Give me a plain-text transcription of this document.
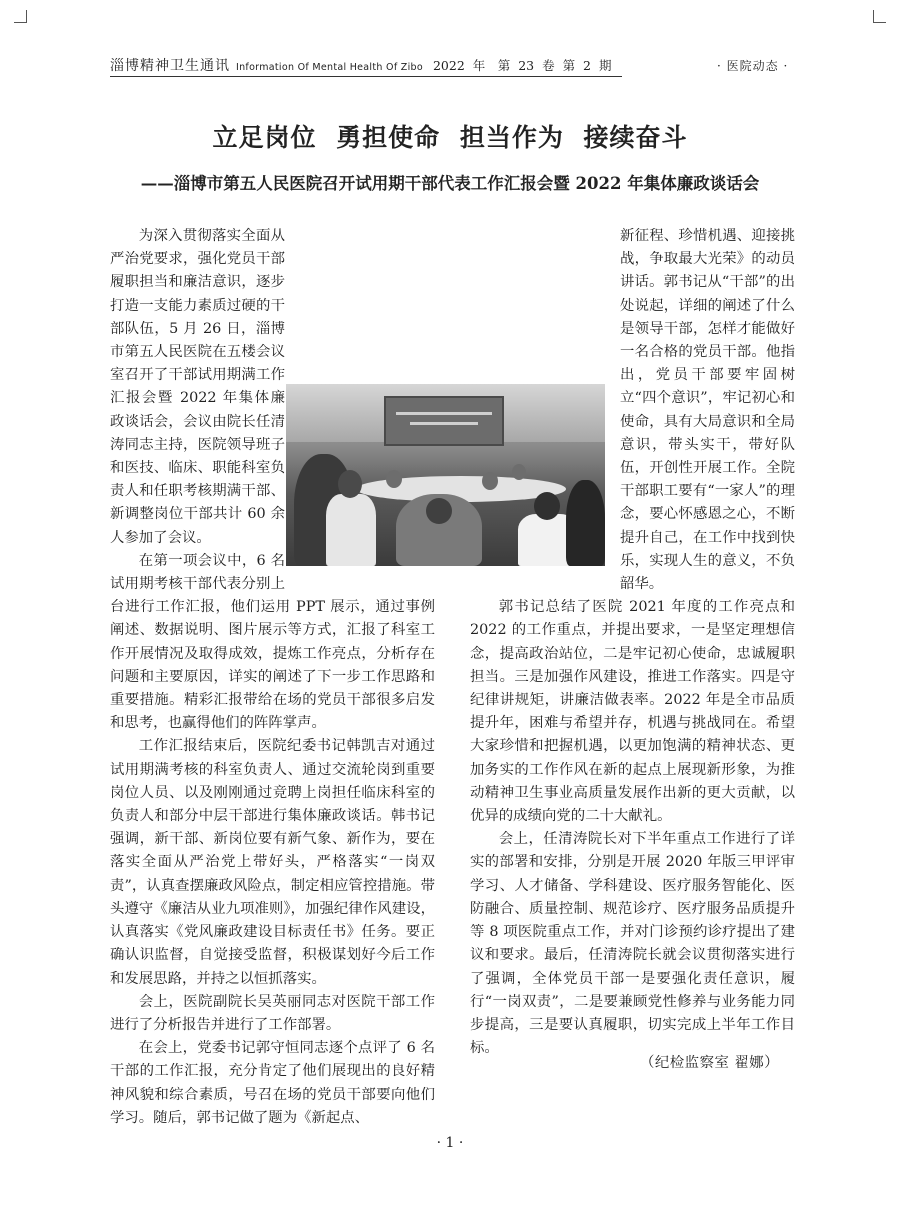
淄博精神卫生通讯 Information Of Mental Health Of Zibo 2022 年　第 23 卷 第 2 期	· 医院动态 ·
立足岗位 勇担使命 担当作为 接续奋斗
——淄博市第五人民医院召开试用期干部代表工作汇报会暨 2022 年集体廉政谈话会

为深入贯彻落实全面从严治党要求，强化党员干部履职担当和廉洁意识，逐步打造一支能力素质过硬的干部队伍，5 月 26 日，淄博市第五人民医院在五楼会议室召开了干部试用期满工作汇报会暨 2022 年集体廉政谈话会，会议由院长任清涛同志主持，医院领导班子和医技、临床、职能科室负责人和任职考核期满干部、新调整岗位干部共计 60 余人参加了会议。

在第一项会议中，6 名试用期考核干部代表分别上台进行工作汇报，他们运用 PPT 展示，通过事例阐述、数据说明、图片展示等方式，汇报了科室工作开展情况及取得成效，提炼工作亮点，分析存在问题和主要原因，详实的阐述了下一步工作思路和重要措施。精彩汇报带给在场的党员干部很多启发和思考，也赢得他们的阵阵掌声。

工作汇报结束后，医院纪委书记韩凯吉对通过试用期满考核的科室负责人、通过交流轮岗到重要岗位人员、以及刚刚通过竞聘上岗担任临床科室的负责人和部分中层干部进行集体廉政谈话。韩书记强调，新干部、新岗位要有新气象、新作为，要在落实全面从严治党上带好头，严格落实“一岗双责”，认真查摆廉政风险点，制定相应管控措施。带头遵守《廉洁从业九项准则》，加强纪律作风建设，认真落实《党风廉政建设目标责任书》任务。要正确认识监督，自觉接受监督，积极谋划好今后工作和发展思路，并持之以恒抓落实。

会上，医院副院长吴英丽同志对医院干部工作进行了分析报告并进行了工作部署。

在会上，党委书记郭守恒同志逐个点评了 6 名干部的工作汇报，充分肯定了他们展现出的良好精神风貌和综合素质，号召在场的党员干部要向他们学习。随后，郭书记做了题为《新起点、

新征程、珍惜机遇、迎接挑战，争取最大光荣》的动员讲话。郭书记从“干部”的出处说起，详细的阐述了什么是领导干部，怎样才能做好一名合格的党员干部。他指出，党员干部要牢固树立“四个意识”，牢记初心和使命，具有大局意识和全局意识，带头实干，带好队伍，开创性开展工作。全院干部职工要有“一家人”的理念，要心怀感恩之心，不断提升自己，在工作中找到快乐，实现人生的意义，不负韶华。

郭书记总结了医院 2021 年度的工作亮点和 2022 的工作重点，并提出要求，一是坚定理想信念，提高政治站位，二是牢记初心使命，忠诚履职担当。三是加强作风建设，推进工作落实。四是守纪律讲规矩，讲廉洁做表率。2022 年是全市品质提升年，困难与希望并存，机遇与挑战同在。希望大家珍惜和把握机遇，以更加饱满的精神状态、更加务实的工作作风在新的起点上展现新形象，为推动精神卫生事业高质量发展作出新的更大贡献，以优异的成绩向党的二十大献礼。

会上，任清涛院长对下半年重点工作进行了详实的部署和安排，分别是开展 2020 年版三甲评审学习、人才储备、学科建设、医疗服务智能化、医防融合、质量控制、规范诊疗、医疗服务品质提升等 8 项医院重点工作，并对门诊预约诊疗提出了建议和要求。最后，任清涛院长就会议贯彻落实进行了强调，全体党员干部一是要强化责任意识，履行“一岗双责”，二是要兼顾党性修养与业务能力同步提高，三是要认真履职，切实完成上半年工作目标。

（纪检监察室 翟娜）
· 1 ·
